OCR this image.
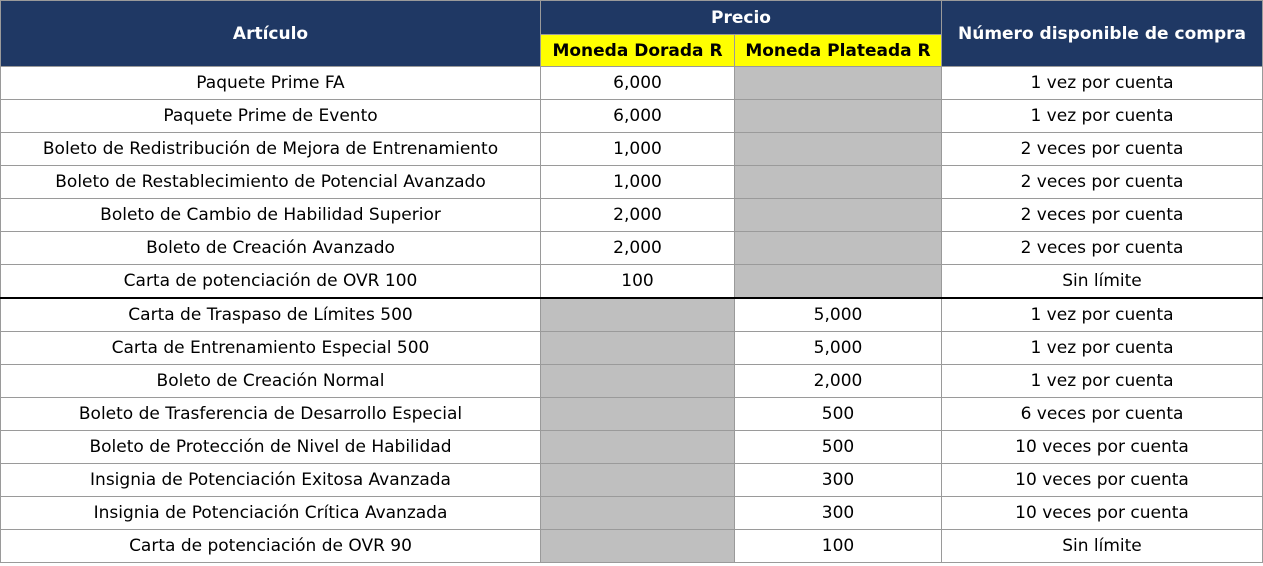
Artículo	Precio		Número disponible de compra
	Moneda Dorada R	Moneda Plateada R	
Paquete Prime FA	6,000		1 vez por cuenta
Paquete Prime de Evento	6,000		1 vez por cuenta
Boleto de Redistribución de Mejora de Entrenamiento	1,000		2 veces por cuenta
Boleto de Restablecimiento de Potencial Avanzado	1,000		2 veces por cuenta
Boleto de Cambio de Habilidad Superior	2,000		2 veces por cuenta
Boleto de Creación Avanzado	2,000		2 veces por cuenta
Carta de potenciación de OVR 100	100		Sin límite
Carta de Traspaso de Límites 500		5,000	1 vez por cuenta
Carta de Entrenamiento Especial 500		5,000	1 vez por cuenta
Boleto de Creación Normal		2,000	1 vez por cuenta
Boleto de Trasferencia de Desarrollo Especial		500	6 veces por cuenta
Boleto de Protección de Nivel de Habilidad		500	10 veces por cuenta
Insignia de Potenciación Exitosa Avanzada		300	10 veces por cuenta
Insignia de Potenciación Crítica Avanzada		300	10 veces por cuenta
Carta de potenciación de OVR 90		100	Sin límite
